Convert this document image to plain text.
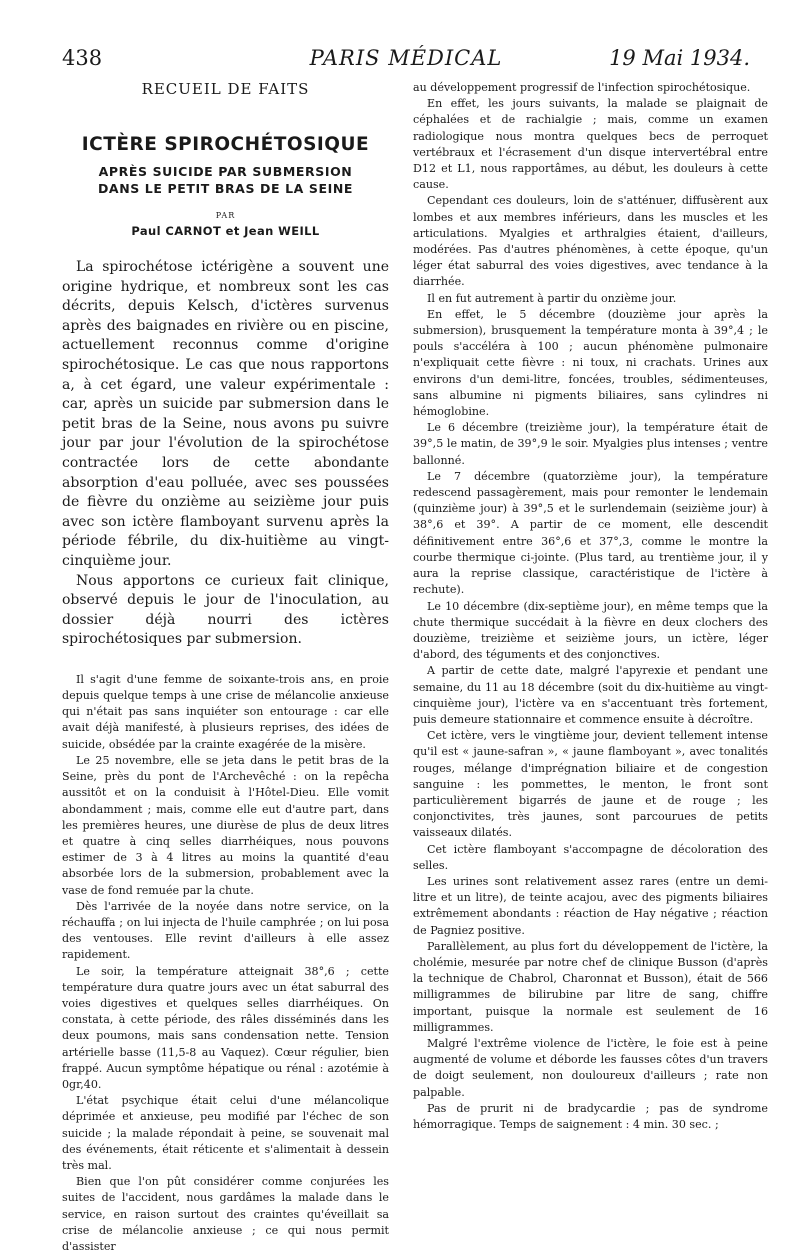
438	PARIS MÉDICAL	19 Mai 1934.
RECUEIL DE FAITS
ICTÈRE SPIROCHÉTOSIQUE
APRÈS SUICIDE PAR SUBMERSION
DANS LE PETIT BRAS DE LA SEINE
PAR
Paul CARNOT et Jean WEILL

La spirochétose ictérigène a souvent une origine hydrique, et nombreux sont les cas décrits, depuis Kelsch, d'ictères survenus après des baignades en rivière ou en piscine, actuellement reconnus comme d'origine spirochétosique. Le cas que nous rapportons a, à cet égard, une valeur expérimentale : car, après un suicide par submersion dans le petit bras de la Seine, nous avons pu suivre jour par jour l'évolution de la spirochétose contractée lors de cette abondante absorption d'eau polluée, avec ses poussées de fièvre du onzième au seizième jour puis avec son ictère flamboyant survenu après la période fébrile, du dix-huitième au vingt-cinquième jour.

Nous apportons ce curieux fait clinique, observé depuis le jour de l'inoculation, au dossier déjà nourri des ictères spirochétosiques par submersion.

Il s'agit d'une femme de soixante-trois ans, en proie depuis quelque temps à une crise de mélancolie anxieuse qui n'était pas sans inquiéter son entourage : car elle avait déjà manifesté, à plusieurs reprises, des idées de suicide, obsédée par la crainte exagérée de la misère.

Le 25 novembre, elle se jeta dans le petit bras de la Seine, près du pont de l'Archevêché : on la repêcha aussitôt et on la conduisit à l'Hôtel-Dieu. Elle vomit abondamment ; mais, comme elle eut d'autre part, dans les premières heures, une diurèse de plus de deux litres et quatre à cinq selles diarrhéiques, nous pouvons estimer de 3 à 4 litres au moins la quantité d'eau absorbée lors de la submersion, probablement avec la vase de fond remuée par la chute.

Dès l'arrivée de la noyée dans notre service, on la réchauffa ; on lui injecta de l'huile camphrée ; on lui posa des ventouses. Elle revint d'ailleurs à elle assez rapidement.

Le soir, la température atteignait 38°,6 ; cette température dura quatre jours avec un état saburral des voies digestives et quelques selles diarrhéiques. On constata, à cette période, des râles disséminés dans les deux poumons, mais sans condensation nette. Tension artérielle basse (11,5-8 au Vaquez). Cœur régulier, bien frappé. Aucun symptôme hépatique ou rénal : azotémie à 0gr,40.

L'état psychique était celui d'une mélancolique déprimée et anxieuse, peu modifié par l'échec de son suicide ; la malade répondait à peine, se souvenait mal des événements, était réticente et s'alimentait à dessein très mal.

Bien que l'on pût considérer comme conjurées les suites de l'accident, nous gardâmes la malade dans le service, en raison surtout des craintes qu'éveillait sa crise de mélancolie anxieuse ; ce qui nous permit d'assister

au développement progressif de l'infection spirochétosique.

En effet, les jours suivants, la malade se plaignait de céphalées et de rachialgie ; mais, comme un examen radiologique nous montra quelques becs de perroquet vertébraux et l'écrasement d'un disque intervertébral entre D12 et L1, nous rapportâmes, au début, les douleurs à cette cause.

Cependant ces douleurs, loin de s'atténuer, diffusèrent aux lombes et aux membres inférieurs, dans les muscles et les articulations. Myalgies et arthralgies étaient, d'ailleurs, modérées. Pas d'autres phénomènes, à cette époque, qu'un léger état saburral des voies digestives, avec tendance à la diarrhée.

Il en fut autrement à partir du onzième jour.

En effet, le 5 décembre (douzième jour après la submersion), brusquement la température monta à 39°,4 ; le pouls s'accéléra à 100 ; aucun phénomène pulmonaire n'expliquait cette fièvre : ni toux, ni crachats. Urines aux environs d'un demi-litre, foncées, troubles, sédimenteuses, sans albumine ni pigments biliaires, sans cylindres ni hémoglobine.

Le 6 décembre (treizième jour), la température était de 39°,5 le matin, de 39°,9 le soir. Myalgies plus intenses ; ventre ballonné.

Le 7 décembre (quatorzième jour), la température redescend passagèrement, mais pour remonter le lendemain (quinzième jour) à 39°,5 et le surlendemain (seizième jour) à 38°,6 et 39°. A partir de ce moment, elle descendit définitivement entre 36°,6 et 37°,3, comme le montre la courbe thermique ci-jointe. (Plus tard, au trentième jour, il y aura la reprise classique, caractéristique de l'ictère à rechute).

Le 10 décembre (dix-septième jour), en même temps que la chute thermique succédait à la fièvre en deux clochers des douzième, treizième et seizième jours, un ictère, léger d'abord, des téguments et des conjonctives.

A partir de cette date, malgré l'apyrexie et pendant une semaine, du 11 au 18 décembre (soit du dix-huitième au vingt-cinquième jour), l'ictère va en s'accentuant très fortement, puis demeure stationnaire et commence ensuite à décroître.

Cet ictère, vers le vingtième jour, devient tellement intense qu'il est « jaune-safran », « jaune flamboyant », avec tonalités rouges, mélange d'imprégnation biliaire et de congestion sanguine : les pommettes, le menton, le front sont particulièrement bigarrés de jaune et de rouge ; les conjonctivites, très jaunes, sont parcourues de petits vaisseaux dilatés.

Cet ictère flamboyant s'accompagne de décoloration des selles.

Les urines sont relativement assez rares (entre un demi-litre et un litre), de teinte acajou, avec des pigments biliaires extrêmement abondants : réaction de Hay négative ; réaction de Pagniez positive.

Parallèlement, au plus fort du développement de l'ictère, la cholémie, mesurée par notre chef de clinique Busson (d'après la technique de Chabrol, Charonnat et Busson), était de 566 milligrammes de bilirubine par litre de sang, chiffre important, puisque la normale est seulement de 16 milligrammes.

Malgré l'extrême violence de l'ictère, le foie est à peine augmenté de volume et déborde les fausses côtes d'un travers de doigt seulement, non douloureux d'ailleurs ; rate non palpable.

Pas de prurit ni de bradycardie ; pas de syndrome hémorragique. Temps de saignement : 4 min. 30 sec. ;
